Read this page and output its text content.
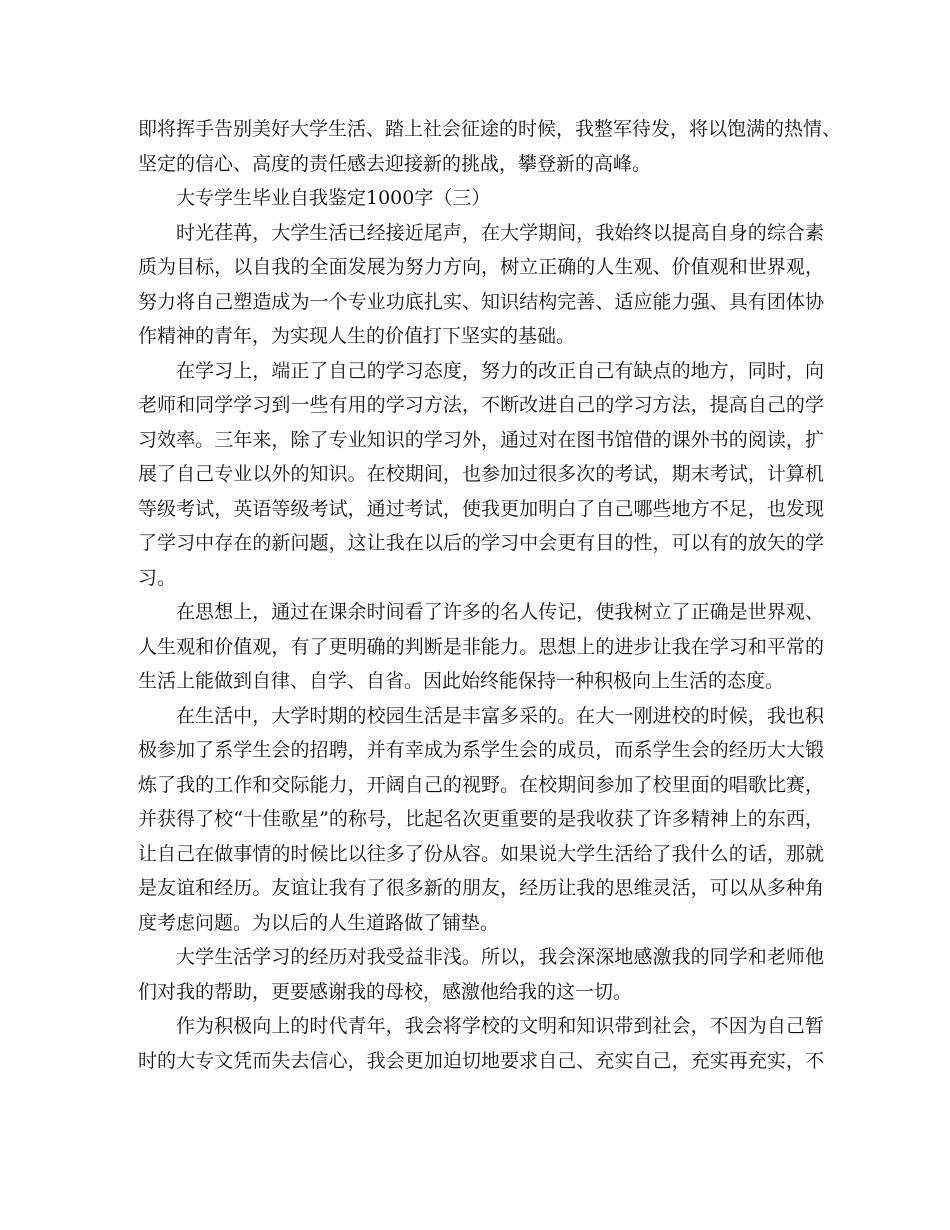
即将挥手告别美好大学生活、踏上社会征途的时候，我整军待发，将以饱满的热情、
坚定的信心、高度的责任感去迎接新的挑战，攀登新的高峰。
大专学生毕业自我鉴定1000字（三）
时光荏苒，大学生活已经接近尾声，在大学期间，我始终以提高自身的综合素
质为目标，以自我的全面发展为努力方向，树立正确的人生观、价值观和世界观，
努力将自己塑造成为一个专业功底扎实、知识结构完善、适应能力强、具有团体协
作精神的青年，为实现人生的价值打下坚实的基础。
在学习上，端正了自己的学习态度，努力的改正自己有缺点的地方，同时，向
老师和同学学习到一些有用的学习方法，不断改进自己的学习方法，提高自己的学
习效率。三年来，除了专业知识的学习外，通过对在图书馆借的课外书的阅读，扩
展了自己专业以外的知识。在校期间，也参加过很多次的考试，期末考试，计算机
等级考试，英语等级考试，通过考试，使我更加明白了自己哪些地方不足，也发现
了学习中存在的新问题，这让我在以后的学习中会更有目的性，可以有的放矢的学
习。
在思想上，通过在课余时间看了许多的名人传记，使我树立了正确是世界观、
人生观和价值观，有了更明确的判断是非能力。思想上的进步让我在学习和平常的
生活上能做到自律、自学、自省。因此始终能保持一种积极向上生活的态度。
在生活中，大学时期的校园生活是丰富多采的。在大一刚进校的时候，我也积
极参加了系学生会的招聘，并有幸成为系学生会的成员，而系学生会的经历大大锻
炼了我的工作和交际能力，开阔自己的视野。在校期间参加了校里面的唱歌比赛，
并获得了校“十佳歌星”的称号，比起名次更重要的是我收获了许多精神上的东西，
让自己在做事情的时候比以往多了份从容。如果说大学生活给了我什么的话，那就
是友谊和经历。友谊让我有了很多新的朋友，经历让我的思维灵活，可以从多种角
度考虑问题。为以后的人生道路做了铺垫。
大学生活学习的经历对我受益非浅。所以，我会深深地感激我的同学和老师他
们对我的帮助，更要感谢我的母校，感激他给我的这一切。
作为积极向上的时代青年，我会将学校的文明和知识带到社会，不因为自己暂
时的大专文凭而失去信心，我会更加迫切地要求自己、充实自己，充实再充实，不
